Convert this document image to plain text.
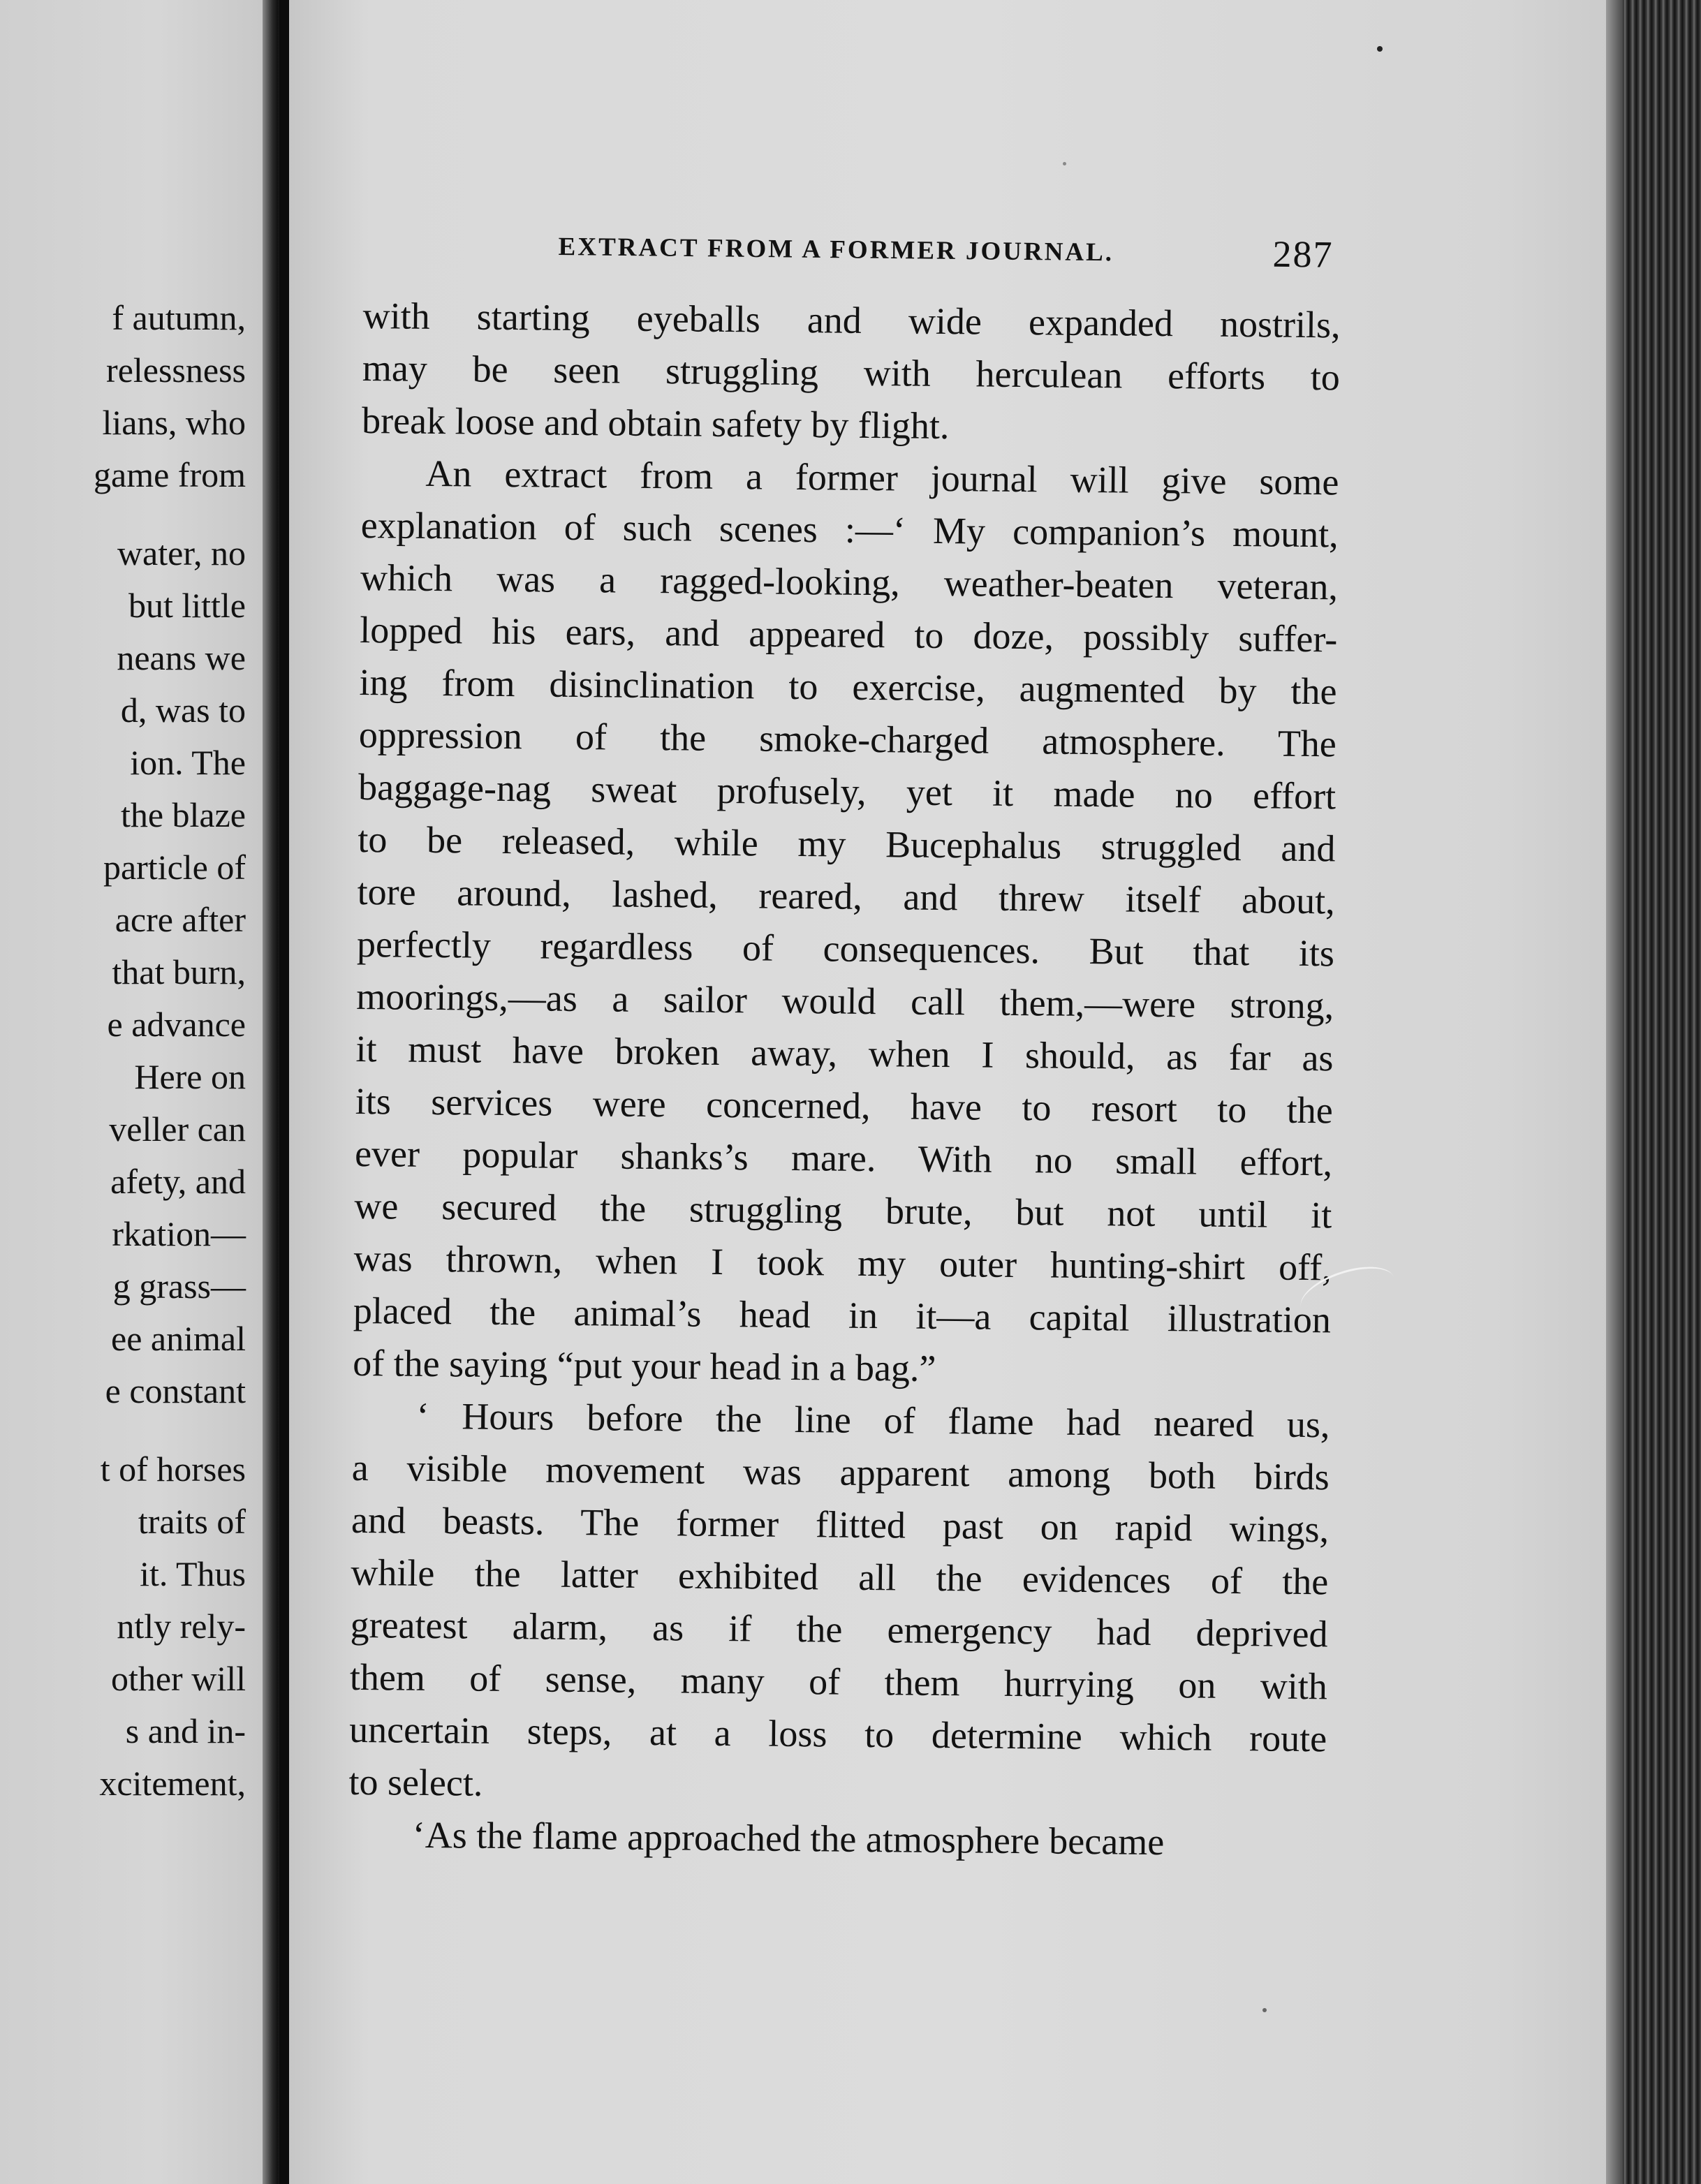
f autumn,
relessness
lians, who
game from
water, no
but little
neans we
d, was to
ion. The
the blaze
particle of
acre after
that burn,
e advance
Here on
veller can
afety, and
rkation—
g grass—
ee animal
e constant
t of horses
traits of
it. Thus
ntly rely-
other will
s and in-
xcitement,
EXTRACT FROM A FORMER JOURNAL.	287
with starting eyeballs and wide expanded nostrils,
may be seen struggling with herculean efforts to
break loose and obtain safety by flight.
An extract from a former journal will give some
explanation of such scenes :—‘ My companion’s mount,
which was a ragged-looking, weather-beaten veteran,
lopped his ears, and appeared to doze, possibly suffer-
ing from disinclination to exercise, augmented by the
oppression of the smoke-charged atmosphere. The
baggage-nag sweat profusely, yet it made no effort
to be released, while my Bucephalus struggled and
tore around, lashed, reared, and threw itself about,
perfectly regardless of consequences. But that its
moorings,—as a sailor would call them,—were strong,
it must have broken away, when I should, as far as
its services were concerned, have to resort to the
ever popular shanks’s mare. With no small effort,
we secured the struggling brute, but not until it
was thrown, when I took my outer hunting-shirt off,
placed the animal’s head in it—a capital illustration
of the saying “put your head in a bag.”
‘ Hours before the line of flame had neared us,
a visible movement was apparent among both birds
and beasts. The former flitted past on rapid wings,
while the latter exhibited all the evidences of the
greatest alarm, as if the emergency had deprived
them of sense, many of them hurrying on with
uncertain steps, at a loss to determine which route
to select.
‘As the flame approached the atmosphere became
